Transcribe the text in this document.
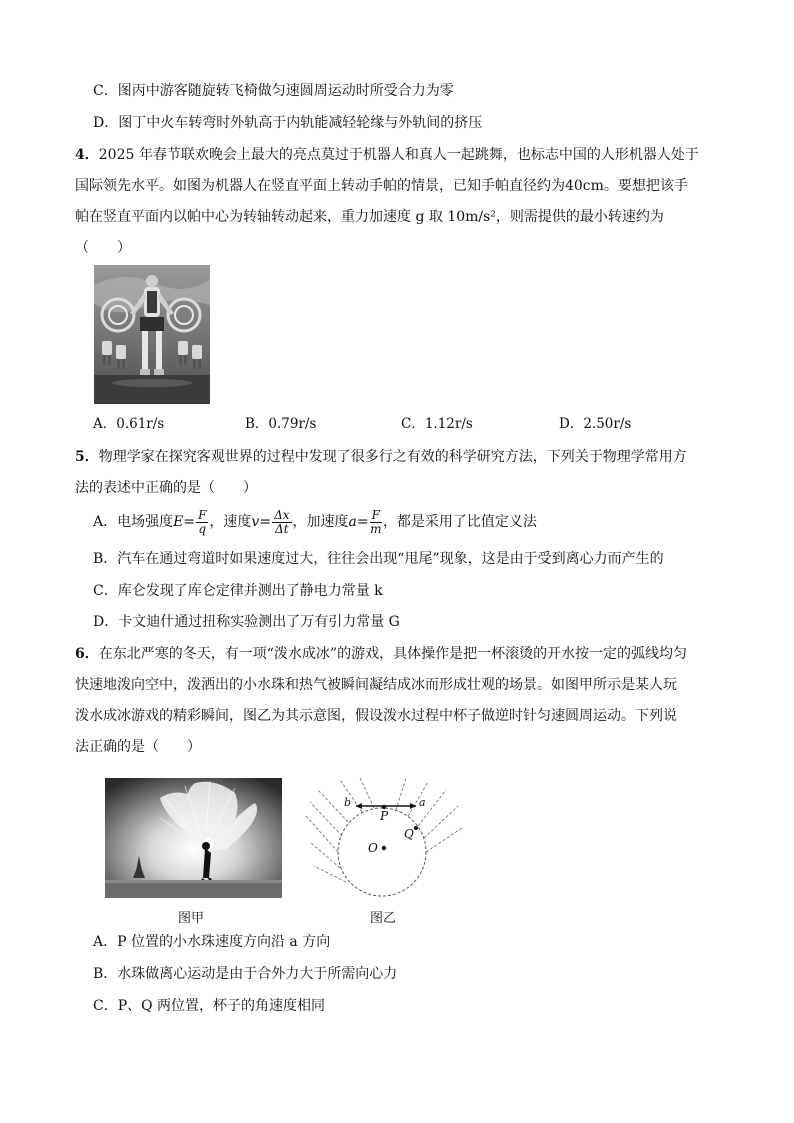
C．图丙中游客随旋转飞椅做匀速圆周运动时所受合力为零
D．图丁中火车转弯时外轨高于内轨能减轻轮缘与外轨间的挤压
4．2025 年春节联欢晚会上最大的亮点莫过于机器人和真人一起跳舞，也标志中国的人形机器人处于
国际领先水平。如图为机器人在竖直平面上转动手帕的情景，已知手帕直径约为40cm。要想把该手
帕在竖直平面内以帕中心为转轴转动起来，重力加速度 g 取 10m/s²，则需提供的最小转速约为
（　　）
A．0.61r/s	B．0.79r/s	C．1.12r/s	D．2.50r/s
5．物理学家在探究客观世界的过程中发现了很多行之有效的科学研究方法，下列关于物理学常用方
法的表述中正确的是（　　）
A．电场强度$E= \frac{F}{q}$ ，速度$v= \frac{\Delta x}{\Delta t}$ ，加速度$a= \frac{F}{m}$ ，都是采用了比值定义法
B．汽车在通过弯道时如果速度过大，往往会出现“甩尾”现象，这是由于受到离心力而产生的
C．库仑发现了库仑定律并测出了静电力常量 k
D．卡文迪什通过扭称实验测出了万有引力常量 G
6．在东北严寒的冬天，有一项“泼水成冰”的游戏，具体操作是把一杯滚烫的开水按一定的弧线均匀
快速地泼向空中，泼洒出的小水珠和热气被瞬间凝结成冰而形成壮观的场景。如图甲所示是某人玩
泼水成冰游戏的精彩瞬间，图乙为其示意图，假设泼水过程中杯子做逆时针匀速圆周运动。下列说
法正确的是（　　）
图甲
b	a
P
Q
O
图乙
A．P 位置的小水珠速度方向沿 a 方向
B．水珠做离心运动是由于合外力大于所需向心力
C．P、Q 两位置，杯子的角速度相同
